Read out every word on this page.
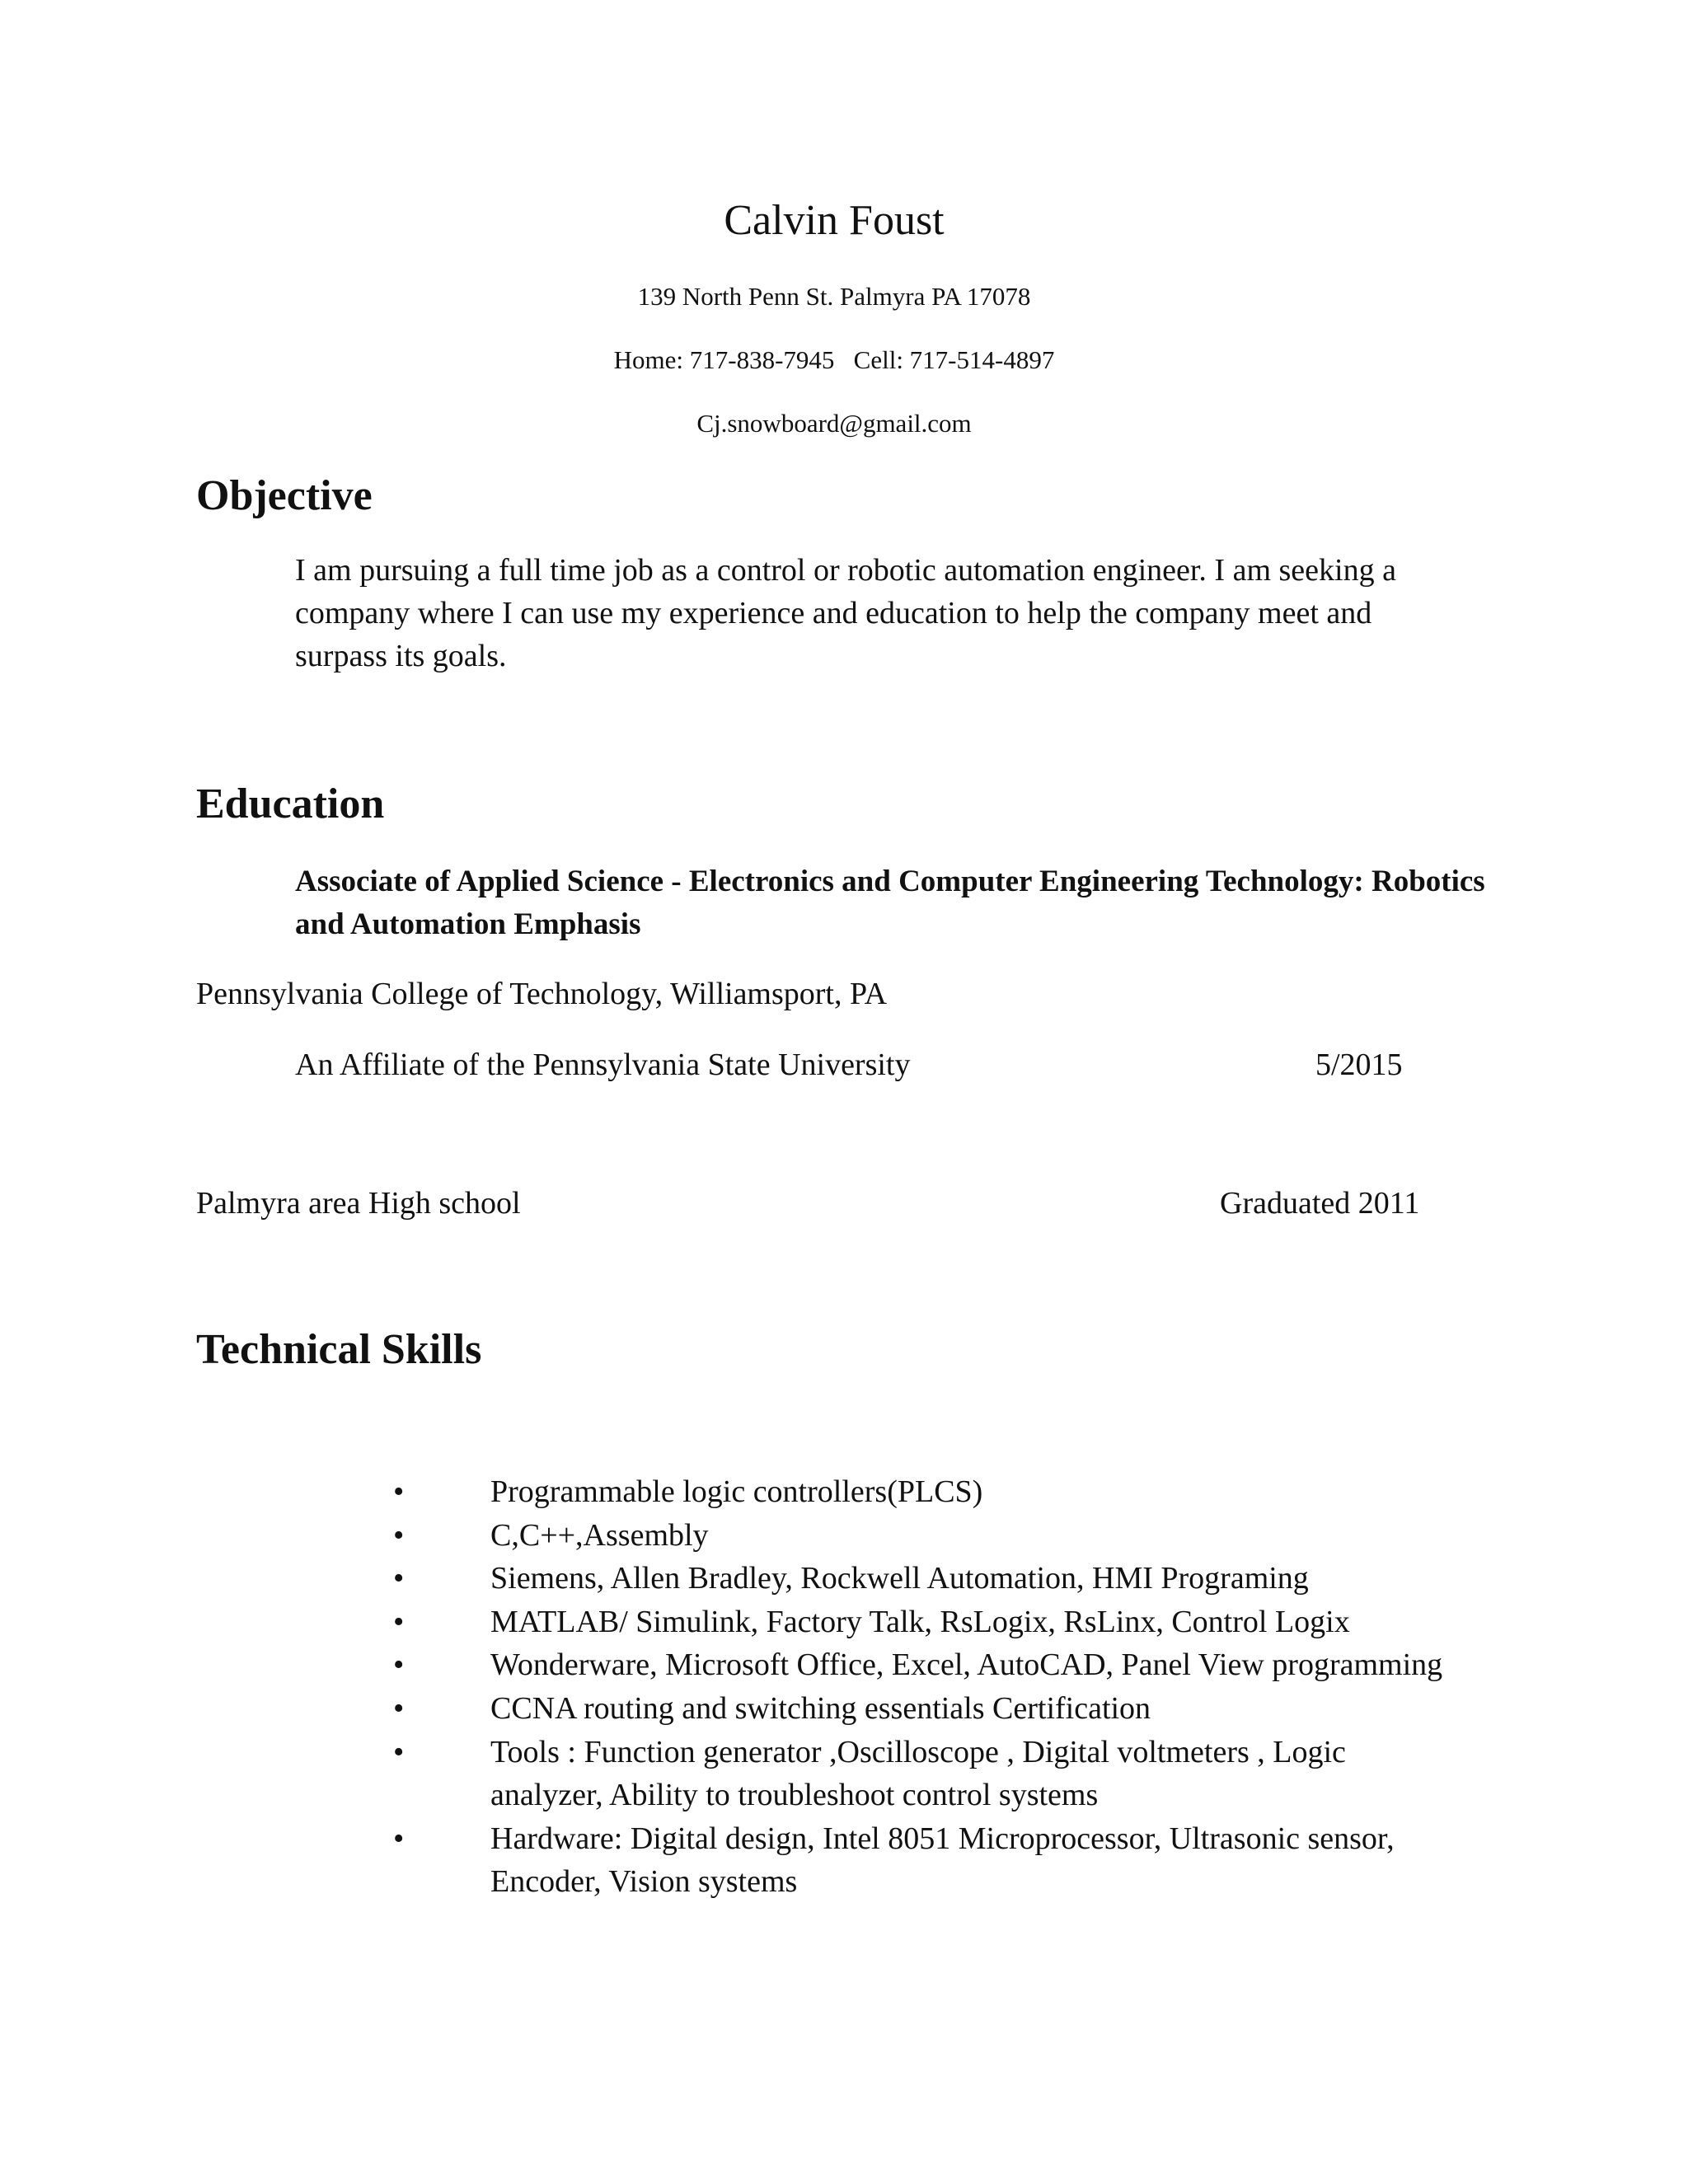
Calvin Foust
139 North Penn St. Palmyra PA 17078
Home: 717-838-7945   Cell: 717-514-4897
Cj.snowboard@gmail.com
Objective
I am pursuing a full time job as a control or robotic automation engineer. I am seeking a company where I can use my experience and education to help the company meet and surpass its goals.
Education
Associate of Applied Science - Electronics and Computer Engineering Technology: Robotics and Automation Emphasis
Pennsylvania College of Technology, Williamsport, PA
An Affiliate of the Pennsylvania State University	5/2015
Palmyra area High school	Graduated 2011
Technical Skills
•	Programmable logic controllers(PLCS)
•	C,C++,Assembly
•	Siemens, Allen Bradley, Rockwell Automation, HMI Programing
•	MATLAB/ Simulink, Factory Talk, RsLogix, RsLinx, Control Logix
•	Wonderware, Microsoft Office, Excel, AutoCAD, Panel View programming
•	CCNA routing and switching essentials Certification
•	Tools : Function generator ,Oscilloscope , Digital voltmeters , Logic analyzer, Ability to troubleshoot control systems
•	Hardware: Digital design, Intel 8051 Microprocessor, Ultrasonic sensor, Encoder, Vision systems
